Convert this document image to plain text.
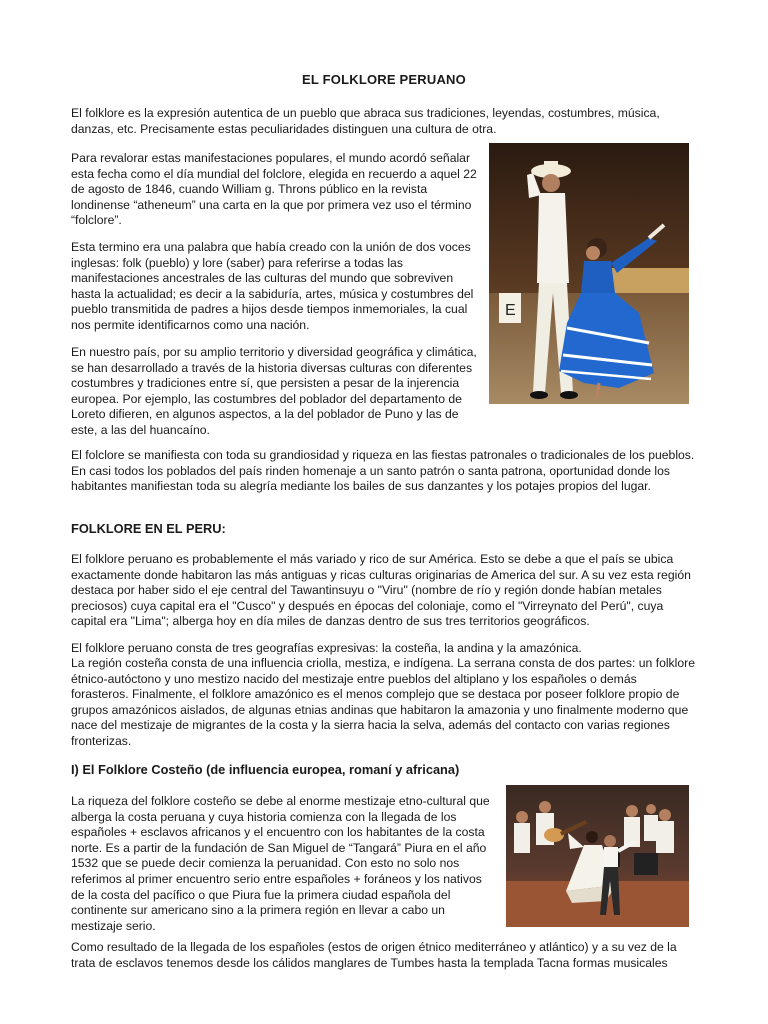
EL FOLKLORE PERUANO

El folklore es la expresión autentica de un pueblo que abraca sus tradiciones, leyendas, costumbres, música, danzas, etc. Precisamente estas peculiaridades distinguen una cultura de otra.

Para revalorar estas manifestaciones populares, el mundo acordó señalar esta fecha como el día mundial del folclore, elegida en recuerdo a aquel 22 de agosto de 1846, cuando William g. Throns público en la revista londinense “atheneum” una carta en la que por primera vez uso el término “folclore”.

Esta termino era una palabra que había creado con la unión de dos voces inglesas: folk (pueblo) y lore (saber) para referirse a todas las manifestaciones ancestrales de las culturas del mundo que sobreviven hasta la actualidad; es decir a la sabiduría, artes, música y costumbres del pueblo transmitida de padres a hijos desde tiempos inmemoriales, la cual nos permite identificarnos como una nación.

En nuestro país, por su amplio territorio y diversidad geográfica y climática, se han desarrollado a través de la historia diversas culturas con diferentes costumbres y tradiciones entre sí, que persisten a pesar de la injerencia europea. Por ejemplo, las costumbres del poblador del departamento de Loreto difieren, en algunos aspectos, a la del poblador de Puno y las de este, a las del huancaíno.

El folclore se manifiesta con toda su grandiosidad y riqueza en las fiestas patronales o tradicionales de los pueblos. En casi todos los poblados del país rinden homenaje a un santo patrón o santa patrona, oportunidad donde los habitantes manifiestan toda su alegría mediante los bailes de sus danzantes y los potajes propios del lugar.

FOLKLORE EN EL PERU:

El folklore peruano es probablemente el más variado y rico de sur América. Esto se debe a que el país se ubica exactamente donde habitaron las más antiguas y ricas culturas originarias de America del sur. A su vez esta región destaca por haber sido el eje central del Tawantinsuyu o "Viru" (nombre de río y región donde habían metales preciosos) cuya capital era el "Cusco" y después en épocas del coloniaje, como el "Virreynato del Perú", cuya capital era "Lima"; alberga hoy en día miles de danzas dentro de sus tres territorios geográficos.

El folklore peruano consta de tres geografías expresivas: la costeña, la andina y la amazónica.

La región costeña consta de una influencia criolla, mestiza, e indígena. La serrana consta de dos partes: un folklore étnico-autóctono y uno mestizo nacido del mestizaje entre pueblos del altiplano y los españoles o demás forasteros. Finalmente, el folklore amazónico es el menos complejo que se destaca por poseer folklore propio de grupos amazónicos aislados, de algunas etnias andinas que habitaron la amazonia y uno finalmente moderno que nace del mestizaje de migrantes de la costa y la sierra hacia la selva, además del contacto con varias regiones fronterizas.

I) El Folklore Costeño (de influencia europea, romaní y africana)

La riqueza del folklore costeño se debe al enorme mestizaje etno-cultural que alberga la costa peruana y cuya historia comienza con la llegada de los españoles + esclavos africanos y el encuentro con los habitantes de la costa norte. Es a partir de la fundación de San Miguel de “Tangará” Piura en el año 1532 que se puede decir comienza la peruanidad. Con esto no solo nos referimos al primer encuentro serio entre españoles + foráneos y los nativos de la costa del pacífico o que Piura fue la primera ciudad española del continente sur americano sino a la primera región en llevar a cabo un mestizaje serio.

Como resultado de la llegada de los españoles (estos de origen étnico mediterráneo y atlántico) y a su vez de la trata de esclavos tenemos desde los cálidos manglares de Tumbes hasta la templada Tacna formas musicales

E
